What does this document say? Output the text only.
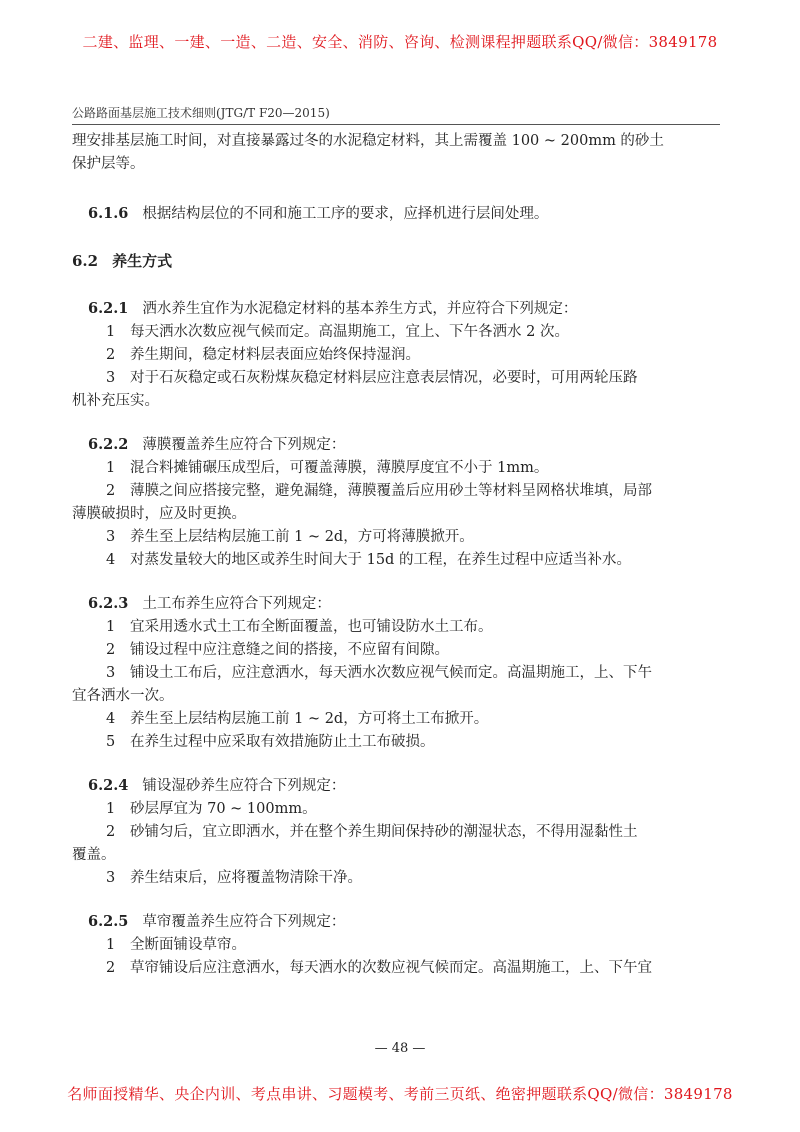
二建、监理、一建、一造、二造、安全、消防、咨询、检测课程押题联系QQ/微信：3849178
公路路面基层施工技术细则(JTG/T F20—2015)

理安排基层施工时间，对直接暴露过冬的水泥稳定材料，其上需覆盖 100 ~ 200mm 的砂土

保护层等。

6.1.6 根据结构层位的不同和施工工序的要求，应择机进行层间处理。

6.2 养生方式

6.2.1 洒水养生宜作为水泥稳定材料的基本养生方式，并应符合下列规定：

1 每天洒水次数应视气候而定。高温期施工，宜上、下午各洒水 2 次。

2 养生期间，稳定材料层表面应始终保持湿润。

3 对于石灰稳定或石灰粉煤灰稳定材料层应注意表层情况，必要时，可用两轮压路

机补充压实。

6.2.2 薄膜覆盖养生应符合下列规定：

1 混合料摊铺碾压成型后，可覆盖薄膜，薄膜厚度宜不小于 1mm。

2 薄膜之间应搭接完整，避免漏缝，薄膜覆盖后应用砂土等材料呈网格状堆填，局部

薄膜破损时，应及时更换。

3 养生至上层结构层施工前 1 ~ 2d，方可将薄膜掀开。

4 对蒸发量较大的地区或养生时间大于 15d 的工程，在养生过程中应适当补水。

6.2.3 土工布养生应符合下列规定：

1 宜采用透水式土工布全断面覆盖，也可铺设防水土工布。

2 铺设过程中应注意缝之间的搭接，不应留有间隙。

3 铺设土工布后，应注意洒水，每天洒水次数应视气候而定。高温期施工，上、下午

宜各洒水一次。

4 养生至上层结构层施工前 1 ~ 2d，方可将土工布掀开。

5 在养生过程中应采取有效措施防止土工布破损。

6.2.4 铺设湿砂养生应符合下列规定：

1 砂层厚宜为 70 ~ 100mm。

2 砂铺匀后，宜立即洒水，并在整个养生期间保持砂的潮湿状态，不得用湿黏性土

覆盖。

3 养生结束后，应将覆盖物清除干净。

6.2.5 草帘覆盖养生应符合下列规定：

1 全断面铺设草帘。

2 草帘铺设后应注意洒水，每天洒水的次数应视气候而定。高温期施工，上、下午宜

— 48 —
名师面授精华、央企内训、考点串讲、习题模考、考前三页纸、绝密押题联系QQ/微信：3849178
